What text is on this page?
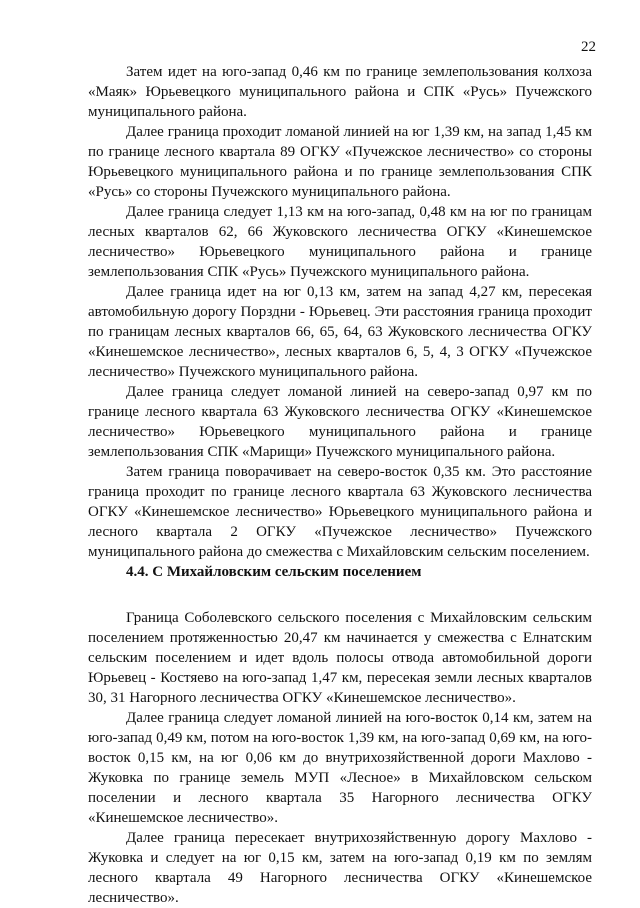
22

Затем идет на юго-запад 0,46 км по границе землепользования колхоза «Маяк» Юрьевецкого муниципального района и СПК «Русь» Пучежского муниципального района.

Далее граница проходит ломаной линией на юг 1,39 км, на запад 1,45 км по границе лесного квартала 89 ОГКУ «Пучежское лесничество» со стороны Юрьевецкого муниципального района и по границе землепользования СПК «Русь» со стороны Пучежского муниципального района.

Далее граница следует 1,13 км на юго-запад, 0,48 км на юг по границам лесных кварталов 62, 66 Жуковского лесничества ОГКУ «Кинешемское лесничество» Юрьевецкого муниципального района и границе землепользования СПК «Русь» Пучежского муниципального района.

Далее граница идет на юг 0,13 км, затем на запад 4,27 км, пересекая автомобильную дорогу Порздни - Юрьевец. Эти расстояния граница проходит по границам лесных кварталов 66, 65, 64, 63 Жуковского лесничества ОГКУ «Кинешемское лесничество», лесных кварталов 6, 5, 4, 3 ОГКУ «Пучежское лесничество» Пучежского муниципального района.

Далее граница следует ломаной линией на северо-запад 0,97 км по границе лесного квартала 63 Жуковского лесничества ОГКУ «Кинешемское лесничество» Юрьевецкого муниципального района и границе землепользования СПК «Марищи» Пучежского муниципального района.

Затем граница поворачивает на северо-восток 0,35 км. Это расстояние граница проходит по границе лесного квартала 63 Жуковского лесничества ОГКУ «Кинешемское лесничество» Юрьевецкого муниципального района и лесного квартала 2 ОГКУ «Пучежское лесничество» Пучежского муниципального района до смежества с Михайловским сельским поселением.

4.4. С Михайловским сельским поселением

Граница Соболевского сельского поселения с Михайловским сельским поселением протяженностью 20,47 км начинается у смежества с Елнатским сельским поселением и идет вдоль полосы отвода автомобильной дороги Юрьевец - Костяево на юго-запад 1,47 км, пересекая земли лесных кварталов 30, 31 Нагорного лесничества ОГКУ «Кинешемское лесничество».

Далее граница следует ломаной линией на юго-восток 0,14 км, затем на юго-запад 0,49 км, потом на юго-восток 1,39 км, на юго-запад 0,69 км, на юго-восток 0,15 км, на юг 0,06 км до внутрихозяйственной дороги Махлово - Жуковка по границе земель МУП «Лесное» в Михайловском сельском поселении и лесного квартала 35 Нагорного лесничества ОГКУ «Кинешемское лесничество».

Далее граница пересекает внутрихозяйственную дорогу Махлово - Жуковка и следует на юг 0,15 км, затем на юго-запад 0,19 км по землям лесного квартала 49 Нагорного лесничества ОГКУ «Кинешемское лесничество».
